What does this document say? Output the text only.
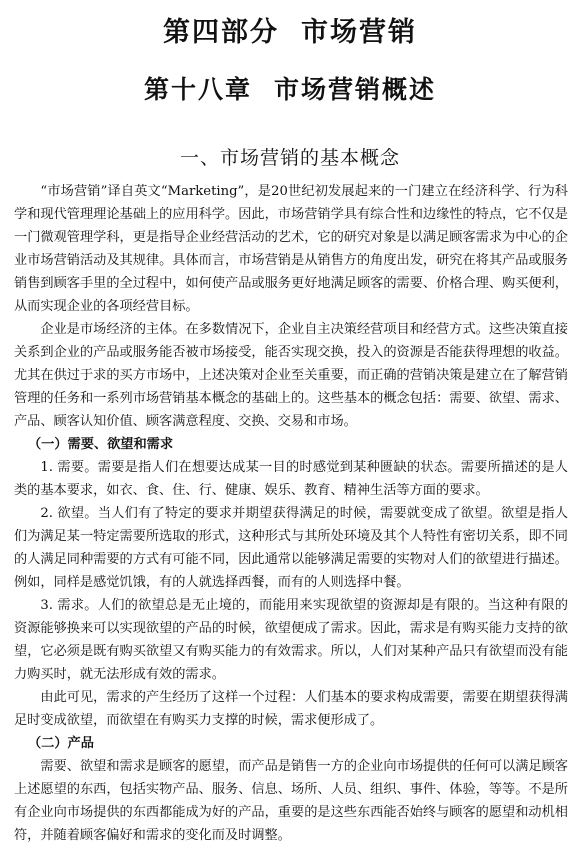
第四部分 市场营销
第十八章 市场营销概述
一、市场营销的基本概念

“市场营销”译自英文“Marketing”，是20世纪初发展起来的一门建立在经济科学、行为科学和现代管理理论基础上的应用科学。因此，市场营销学具有综合性和边缘性的特点，它不仅是一门微观管理学科，更是指导企业经营活动的艺术，它的研究对象是以满足顾客需求为中心的企业市场营销活动及其规律。具体而言，市场营销是从销售方的角度出发，研究在将其产品或服务销售到顾客手里的全过程中，如何使产品或服务更好地满足顾客的需要、价格合理、购买便利，从而实现企业的各项经营目标。

企业是市场经济的主体。在多数情况下，企业自主决策经营项目和经营方式。这些决策直接关系到企业的产品或服务能否被市场接受，能否实现交换，投入的资源是否能获得理想的收益。尤其在供过于求的买方市场中，上述决策对企业至关重要，而正确的营销决策是建立在了解营销管理的任务和一系列市场营销基本概念的基础上的。这些基本的概念包括：需要、欲望、需求、产品、顾客认知价值、顾客满意程度、交换、交易和市场。

（一）需要、欲望和需求

1. 需要。需要是指人们在想要达成某一目的时感觉到某种匮缺的状态。需要所描述的是人类的基本要求，如衣、食、住、行、健康、娱乐、教育、精神生活等方面的要求。

2. 欲望。当人们有了特定的要求并期望获得满足的时候，需要就变成了欲望。欲望是指人们为满足某一特定需要所选取的形式，这种形式与其所处环境及其个人特性有密切关系，即不同的人满足同种需要的方式有可能不同，因此通常以能够满足需要的实物对人们的欲望进行描述。例如，同样是感觉饥饿，有的人就选择西餐，而有的人则选择中餐。

3. 需求。人们的欲望总是无止境的，而能用来实现欲望的资源却是有限的。当这种有限的资源能够换来可以实现欲望的产品的时候，欲望便成了需求。因此，需求是有购买能力支持的欲望，它必须是既有购买欲望又有购买能力的有效需求。所以，人们对某种产品只有欲望而没有能力购买时，就无法形成有效的需求。

由此可见，需求的产生经历了这样一个过程：人们基本的要求构成需要，需要在期望获得满足时变成欲望，而欲望在有购买力支撑的时候，需求便形成了。

（二）产品

需要、欲望和需求是顾客的愿望，而产品是销售一方的企业向市场提供的任何可以满足顾客上述愿望的东西，包括实物产品、服务、信息、场所、人员、组织、事件、体验，等等。不是所有企业向市场提供的东西都能成为好的产品，重要的是这些东西能否始终与顾客的愿望和动机相符，并随着顾客偏好和需求的变化而及时调整。
